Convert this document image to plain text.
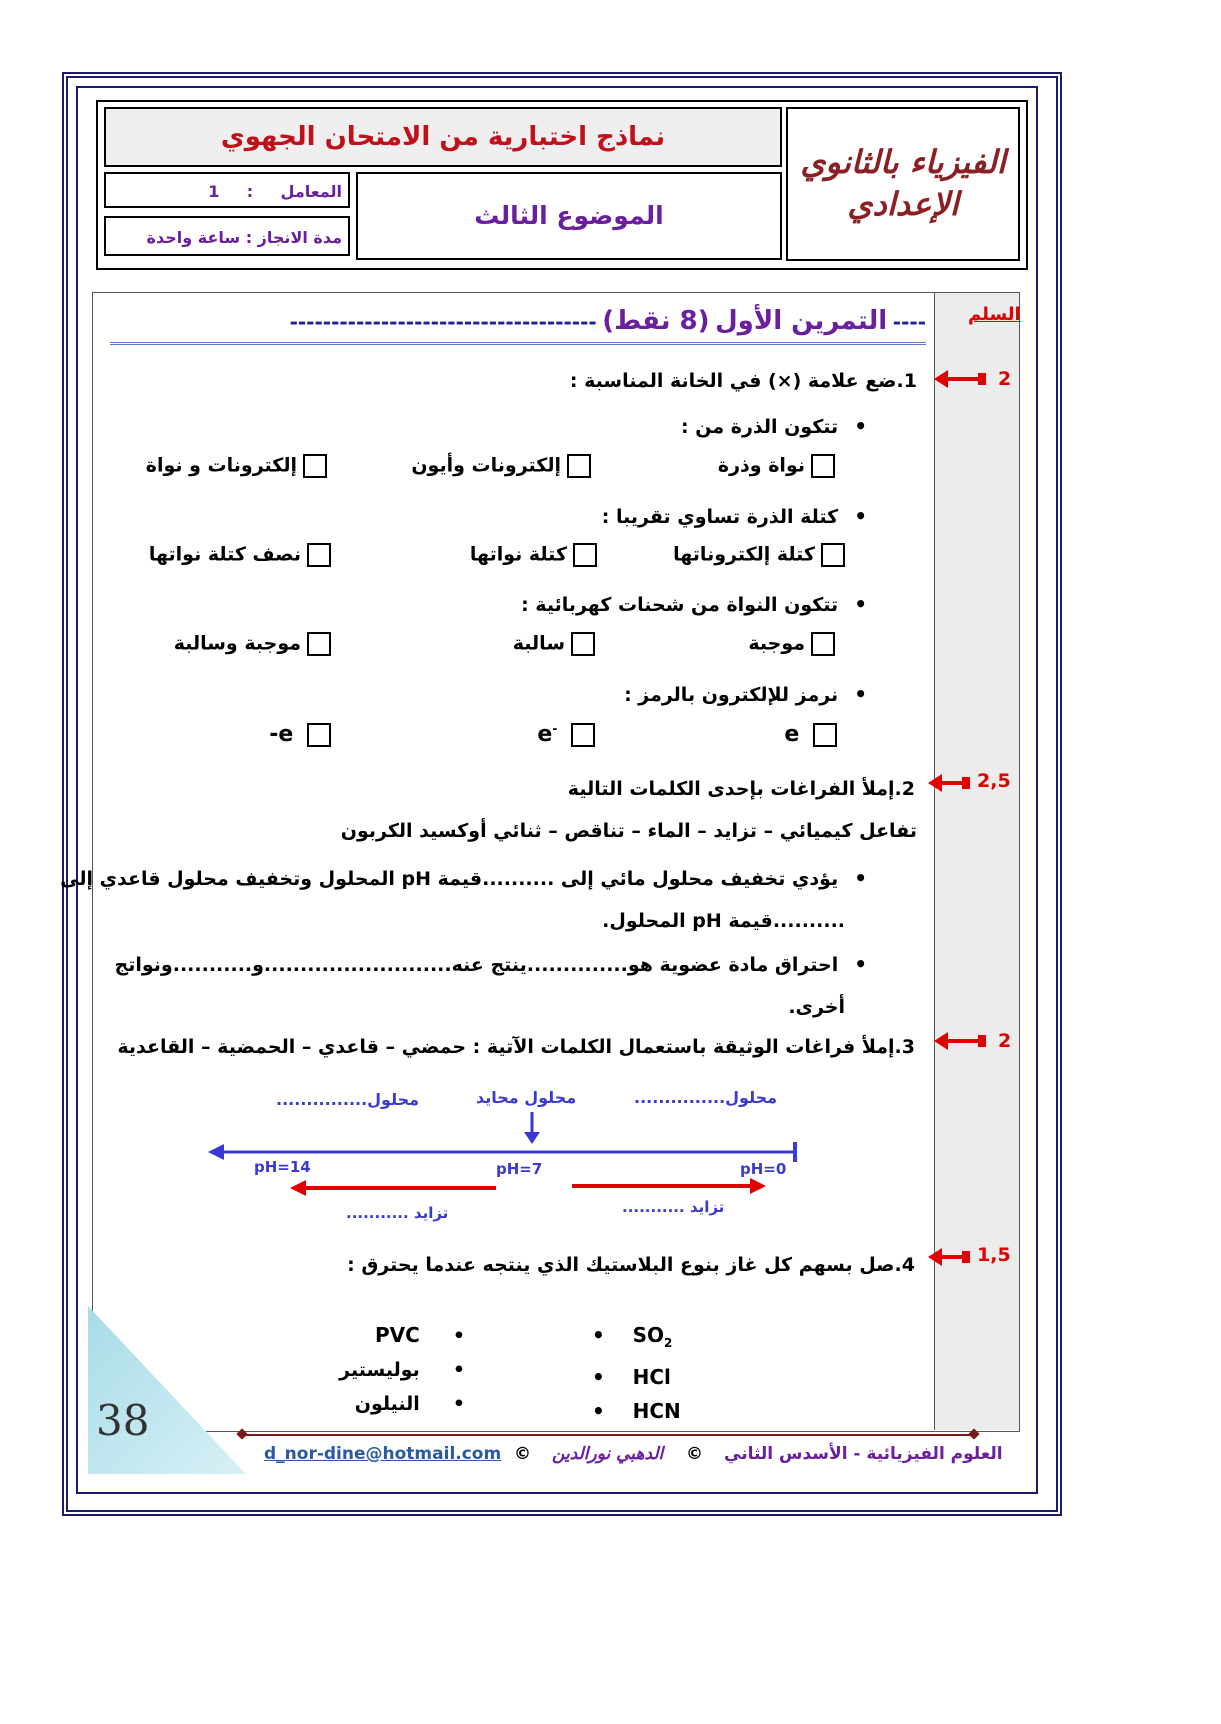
نماذج اختبارية من الامتحان الجهوي
الفيزياء بالثانوي الإعدادي
المعامل : 1
مدة الانجاز : ساعة واحدة
الموضوع الثالث
السلم
---- التمرين الأول (8 نقط) -------------------------------------
1.ضع علامة (×) في الخانة المناسبة :	2
• تتكون الذرة من :
نواة وذرة
إلكترونات وأيون
إلكترونات و نواة
• كتلة الذرة تساوي تقريبا :
كتلة إلكتروناتها
كتلة نواتها
نصف كتلة نواتها
• تتكون النواة من شحنات كهربائية :
موجبة
سالبة
موجبة وسالبة
• نرمز للإلكترون بالرمز :
e
e-
-e
2.إملأ الفراغات بإحدى الكلمات التالية	2,5
تفاعل كيميائي – تزايد – الماء – تناقص – ثنائي أوكسيد الكربون
• يؤدي تخفيف محلول مائي إلى ..........قيمة pH المحلول وتخفيف محلول قاعدي إلى
..........قيمة pH المحلول.
• احتراق مادة عضوية هو..............ينتج عنه..........................و...........ونواتج
أخرى.
3.إملأ فراغات الوثيقة باستعمال الكلمات الآتية : حمضي – قاعدي – الحمضية – القاعدية	2
محلول...............	محلول محايد	محلول...............
pH=14	pH=7	pH=0
تزايد ...........	تزايد ...........
4.صل بسهم كل غاز بنوع البلاستيك الذي ينتجه عندما يحترق :	1,5
•    $SO_2$
•    HCl
•    HCN
PVC     •
بوليستير     •
النيلون     •
38
d_nor-dine@hotmail.com © الدهبي نورالدين © العلوم الفيزيائية - الأسدس الثاني
